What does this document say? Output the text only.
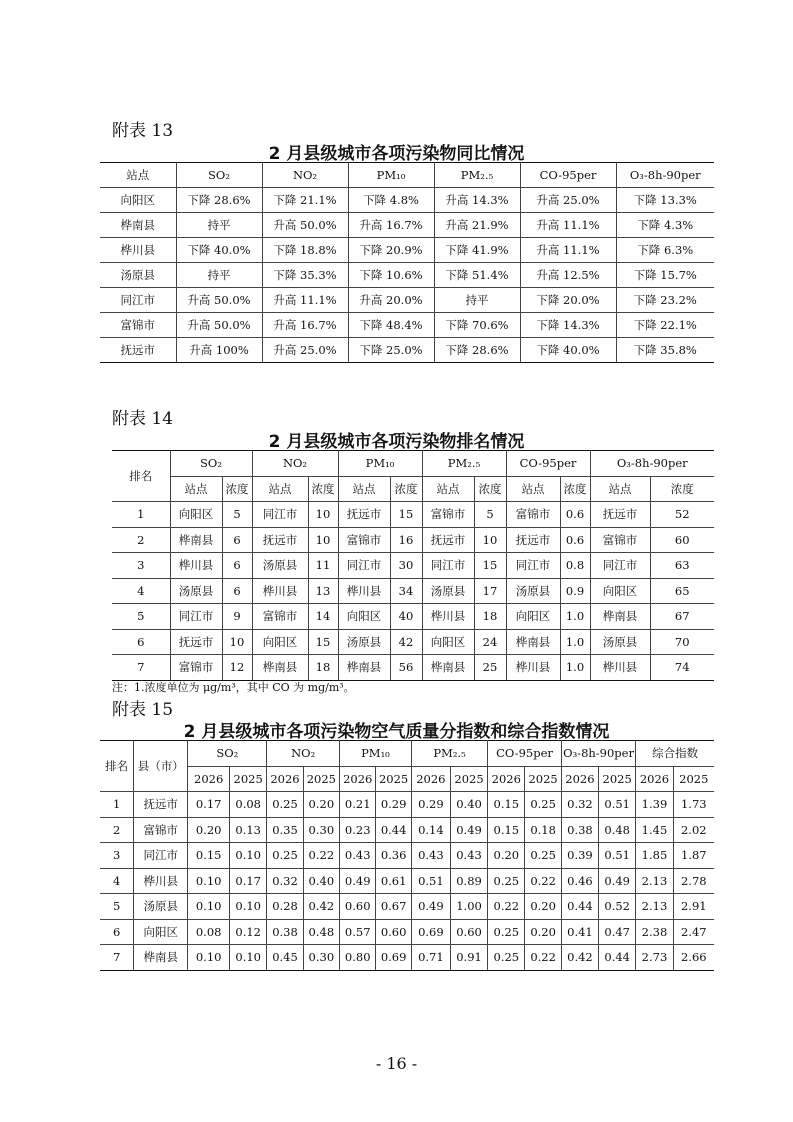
附表 13
2 月县级城市各项污染物同比情况
站点	SO₂	NO₂	PM₁₀	PM₂.₅	CO-95per	O₃-8h-90per
向阳区	下降 28.6%	下降 21.1%	下降 4.8%	升高 14.3%	升高 25.0%	下降 13.3%
桦南县	持平	升高 50.0%	升高 16.7%	升高 21.9%	升高 11.1%	下降 4.3%
桦川县	下降 40.0%	下降 18.8%	下降 20.9%	下降 41.9%	升高 11.1%	下降 6.3%
汤原县	持平	下降 35.3%	下降 10.6%	下降 51.4%	升高 12.5%	下降 15.7%
同江市	升高 50.0%	升高 11.1%	升高 20.0%	持平	下降 20.0%	下降 23.2%
富锦市	升高 50.0%	升高 16.7%	下降 48.4%	下降 70.6%	下降 14.3%	下降 22.1%
抚远市	升高 100%	升高 25.0%	下降 25.0%	下降 28.6%	下降 40.0%	下降 35.8%
附表 14
2 月县级城市各项污染物排名情况
排名	SO₂		NO₂		PM₁₀		PM₂.₅		CO-95per		O₃-8h-90per	
	站点	浓度	站点	浓度	站点	浓度	站点	浓度	站点	浓度	站点	浓度
1	向阳区	5	同江市	10	抚远市	15	富锦市	5	富锦市	0.6	抚远市	52
2	桦南县	6	抚远市	10	富锦市	16	抚远市	10	抚远市	0.6	富锦市	60
3	桦川县	6	汤原县	11	同江市	30	同江市	15	同江市	0.8	同江市	63
4	汤原县	6	桦川县	13	桦川县	34	汤原县	17	汤原县	0.9	向阳区	65
5	同江市	9	富锦市	14	向阳区	40	桦川县	18	向阳区	1.0	桦南县	67
6	抚远市	10	向阳区	15	汤原县	42	向阳区	24	桦南县	1.0	汤原县	70
7	富锦市	12	桦南县	18	桦南县	56	桦南县	25	桦川县	1.0	桦川县	74
注：1.浓度单位为 μg/m³，其中 CO 为 mg/m³。
附表 15
2 月县级城市各项污染物空气质量分指数和综合指数情况
排名	县（市）	SO₂		NO₂		PM₁₀		PM₂.₅		CO-95per		O₃-8h-90per		综合指数	
		2026	2025	2026	2025	2026	2025	2026	2025	2026	2025	2026	2025	2026	2025
1	抚远市	0.17	0.08	0.25	0.20	0.21	0.29	0.29	0.40	0.15	0.25	0.32	0.51	1.39	1.73
2	富锦市	0.20	0.13	0.35	0.30	0.23	0.44	0.14	0.49	0.15	0.18	0.38	0.48	1.45	2.02
3	同江市	0.15	0.10	0.25	0.22	0.43	0.36	0.43	0.43	0.20	0.25	0.39	0.51	1.85	1.87
4	桦川县	0.10	0.17	0.32	0.40	0.49	0.61	0.51	0.89	0.25	0.22	0.46	0.49	2.13	2.78
5	汤原县	0.10	0.10	0.28	0.42	0.60	0.67	0.49	1.00	0.22	0.20	0.44	0.52	2.13	2.91
6	向阳区	0.08	0.12	0.38	0.48	0.57	0.60	0.69	0.60	0.25	0.20	0.41	0.47	2.38	2.47
7	桦南县	0.10	0.10	0.45	0.30	0.80	0.69	0.71	0.91	0.25	0.22	0.42	0.44	2.73	2.66
- 16 -
